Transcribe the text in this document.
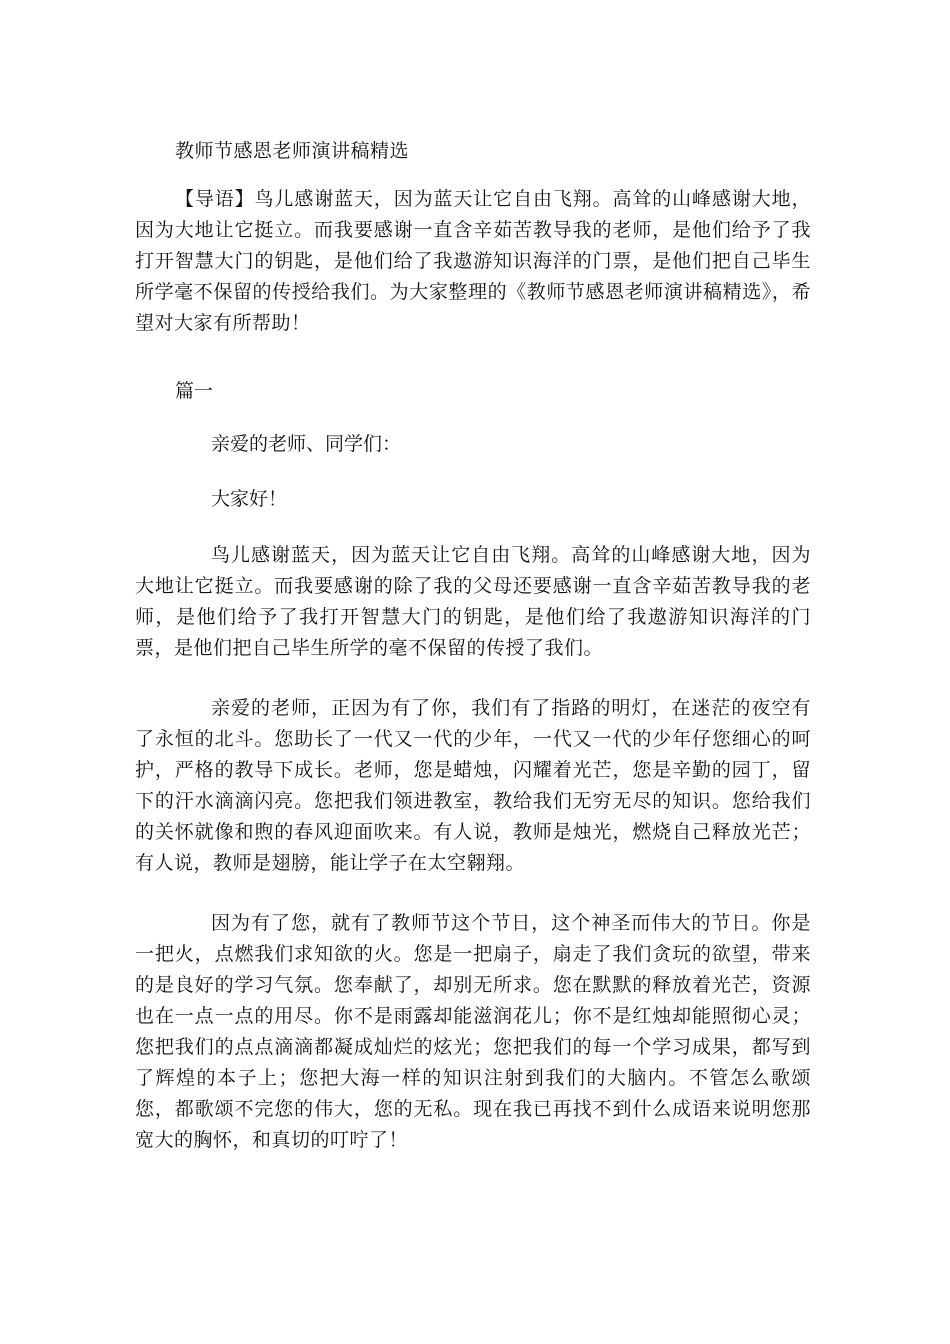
教师节感恩老师演讲稿精选
【导语】鸟儿感谢蓝天，因为蓝天让它自由飞翔。高耸的山峰感谢大地，因为大地让它挺立。而我要感谢一直含辛茹苦教导我的老师，是他们给予了我打开智慧大门的钥匙，是他们给了我遨游知识海洋的门票，是他们把自己毕生所学毫不保留的传授给我们。为大家整理的《教师节感恩老师演讲稿精选》，希望对大家有所帮助！
篇一
亲爱的老师、同学们：
大家好！
鸟儿感谢蓝天，因为蓝天让它自由飞翔。高耸的山峰感谢大地，因为大地让它挺立。而我要感谢的除了我的父母还要感谢一直含辛茹苦教导我的老师，是他们给予了我打开智慧大门的钥匙，是他们给了我遨游知识海洋的门票，是他们把自己毕生所学的毫不保留的传授了我们。
亲爱的老师，正因为有了你，我们有了指路的明灯，在迷茫的夜空有了永恒的北斗。您助长了一代又一代的少年，一代又一代的少年仔您细心的呵护，严格的教导下成长。老师，您是蜡烛，闪耀着光芒，您是辛勤的园丁，留下的汗水滴滴闪亮。您把我们领进教室，教给我们无穷无尽的知识。您给我们的关怀就像和煦的春风迎面吹来。有人说，教师是烛光，燃烧自己释放光芒；有人说，教师是翅膀，能让学子在太空翱翔。
因为有了您，就有了教师节这个节日，这个神圣而伟大的节日。你是一把火，点燃我们求知欲的火。您是一把扇子，扇走了我们贪玩的欲望，带来的是良好的学习气氛。您奉献了，却别无所求。您在默默的释放着光芒，资源也在一点一点的用尽。你不是雨露却能滋润花儿；你不是红烛却能照彻心灵；您把我们的点点滴滴都凝成灿烂的炫光；您把我们的每一个学习成果，都写到了辉煌的本子上；您把大海一样的知识注射到我们的大脑内。不管怎么歌颂您，都歌颂不完您的伟大，您的无私。现在我已再找不到什么成语来说明您那宽大的胸怀，和真切的叮咛了！
